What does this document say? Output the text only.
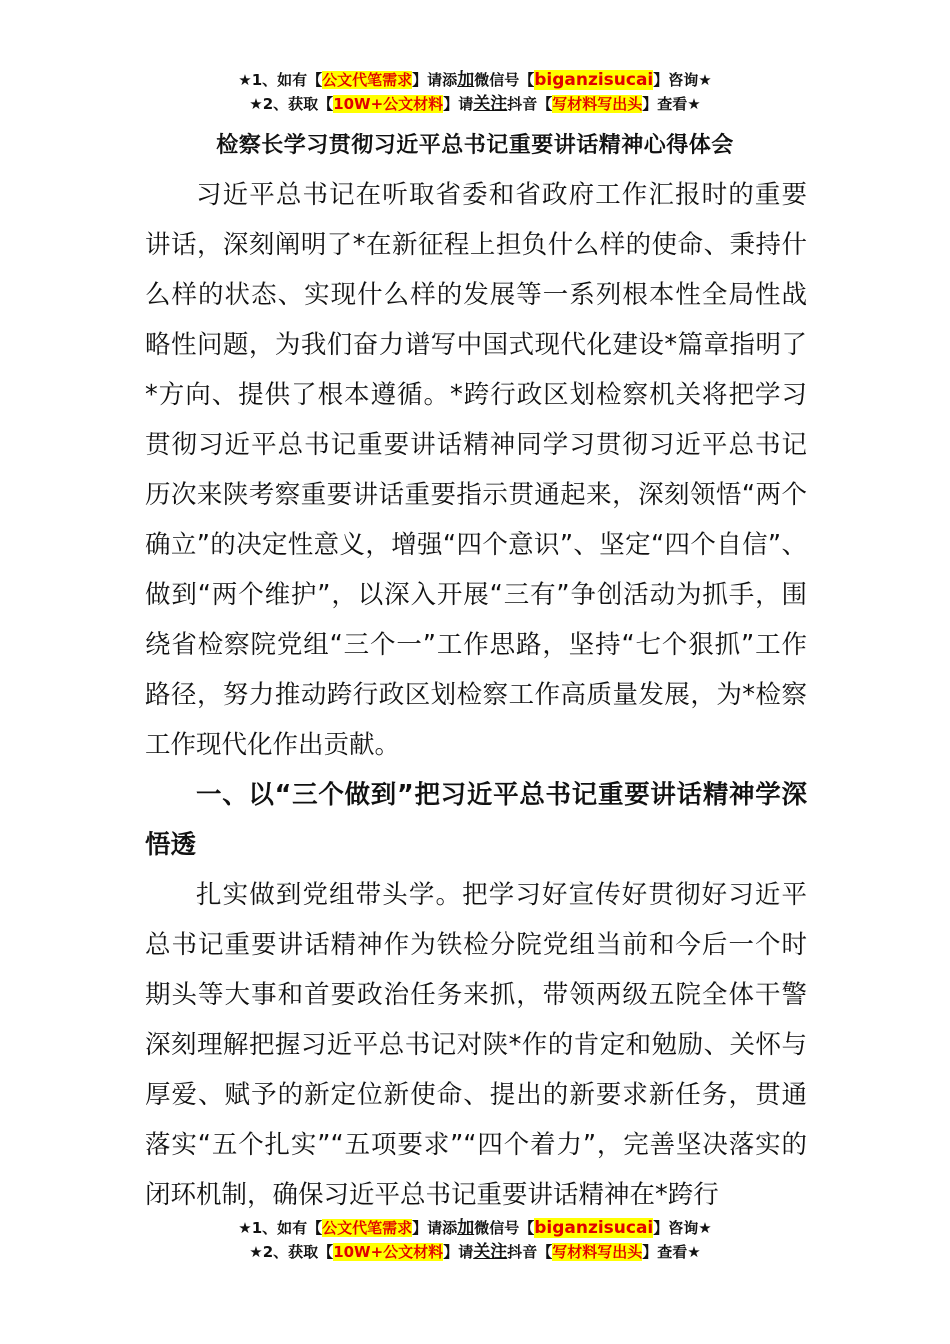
★1、如有【公文代笔需求】请添加微信号【biganzisucai】咨询★
★2、获取【10W+公文材料】请关注抖音【写材料写出头】查看★
检察长学习贯彻习近平总书记重要讲话精神心得体会

习近平总书记在听取省委和省政府工作汇报时的重要讲话，深刻阐明了*在新征程上担负什么样的使命、秉持什么样的状态、实现什么样的发展等一系列根本性全局性战略性问题，为我们奋力谱写中国式现代化建设*篇章指明了*方向、提供了根本遵循。*跨行政区划检察机关将把学习贯彻习近平总书记重要讲话精神同学习贯彻习近平总书记历次来陕考察重要讲话重要指示贯通起来，深刻领悟“两个确立”的决定性意义，增强“四个意识”、坚定“四个自信”、做到“两个维护”，以深入开展“三有”争创活动为抓手，围绕省检察院党组“三个一”工作思路，坚持“七个狠抓”工作路径，努力推动跨行政区划检察工作高质量发展，为*检察工作现代化作出贡献。

一、以“三个做到”把习近平总书记重要讲话精神学深悟透

扎实做到党组带头学。把学习好宣传好贯彻好习近平总书记重要讲话精神作为铁检分院党组当前和今后一个时期头等大事和首要政治任务来抓，带领两级五院全体干警深刻理解把握习近平总书记对陕*作的肯定和勉励、关怀与厚爱、赋予的新定位新使命、提出的新要求新任务，贯通落实“五个扎实”“五项要求”“四个着力”，完善坚决落实的闭环机制，确保习近平总书记重要讲话精神在*跨行

★1、如有【公文代笔需求】请添加微信号【biganzisucai】咨询★
★2、获取【10W+公文材料】请关注抖音【写材料写出头】查看★
